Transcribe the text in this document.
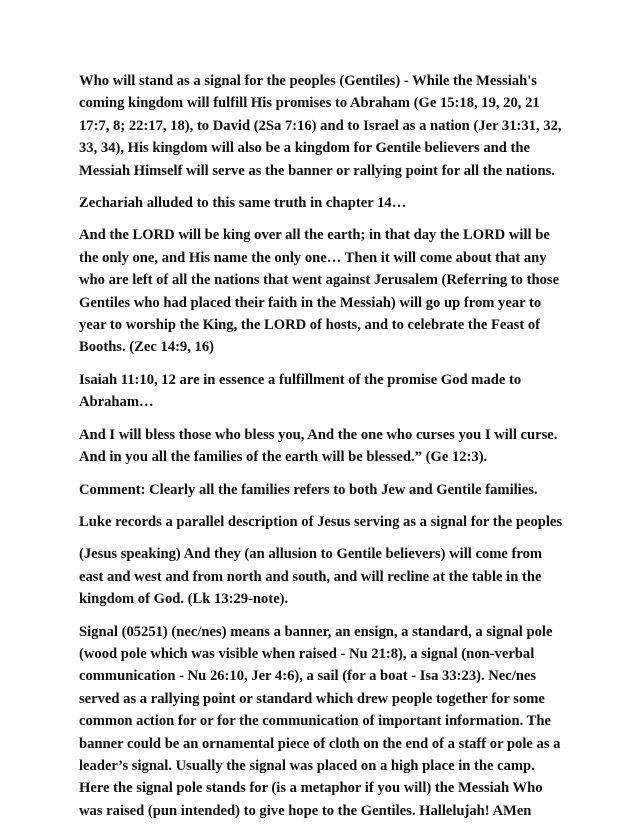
Who will stand as a signal for the peoples (Gentiles) - While the Messiah's
coming kingdom will fulfill His promises to Abraham (Ge 15:18, 19, 20, 21
17:7, 8; 22:17, 18), to David (2Sa 7:16) and to Israel as a nation (Jer 31:31, 32,
33, 34), His kingdom will also be a kingdom for Gentile believers and the
Messiah Himself will serve as the banner or rallying point for all the nations.

Zechariah alluded to this same truth in chapter 14…

And the LORD will be king over all the earth; in that day the LORD will be
the only one, and His name the only one… Then it will come about that any
who are left of all the nations that went against Jerusalem (Referring to those
Gentiles who had placed their faith in the Messiah) will go up from year to
year to worship the King, the LORD of hosts, and to celebrate the Feast of
Booths. (Zec 14:9, 16)

Isaiah 11:10, 12 are in essence a fulfillment of the promise God made to
Abraham…

And I will bless those who bless you, And the one who curses you I will curse.
And in you all the families of the earth will be blessed.” (Ge 12:3).

Comment: Clearly all the families refers to both Jew and Gentile families.

Luke records a parallel description of Jesus serving as a signal for the peoples

(Jesus speaking) And they (an allusion to Gentile believers) will come from
east and west and from north and south, and will recline at the table in the
kingdom of God. (Lk 13:29-note).

Signal (05251) (nec/nes) means a banner, an ensign, a standard, a signal pole
(wood pole which was visible when raised - Nu 21:8), a signal (non-verbal
communication - Nu 26:10, Jer 4:6), a sail (for a boat - Isa 33:23). Nec/nes
served as a rallying point or standard which drew people together for some
common action for or for the communication of important information. The
banner could be an ornamental piece of cloth on the end of a staff or pole as a
leader’s signal. Usually the signal was placed on a high place in the camp.
Here the signal pole stands for (is a metaphor if you will) the Messiah Who
was raised (pun intended) to give hope to the Gentiles. Hallelujah! AMen
